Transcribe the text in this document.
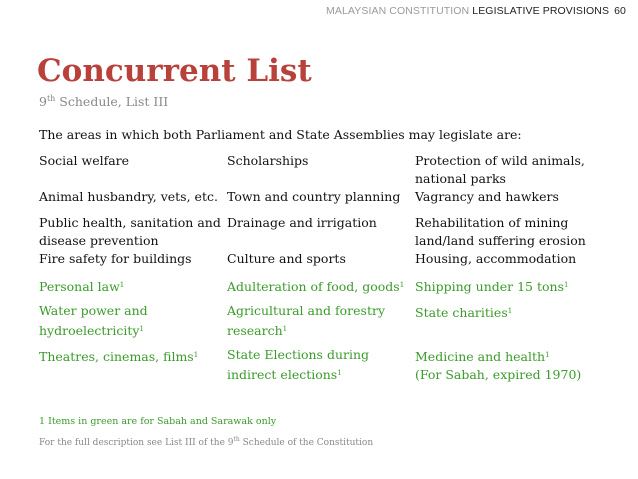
MALAYSIAN CONSTITUTION LEGISLATIVE PROVISIONS 60
Concurrent List
9th Schedule, List III
The areas in which both Parliament and State Assemblies may legislate are:
Social welfare	Scholarships	Protection of wild animals, national parks
Animal husbandry, vets, etc.	Town and country planning	Vagrancy and hawkers
Public health, sanitation and disease prevention	Drainage and irrigation	Rehabilitation of mining land/land suffering erosion
Fire safety for buildings	Culture and sports	Housing, accommodation
Personal law$^1$	Adulteration of food, goods$^1$	Shipping under 15 tons$^1$
Water power and hydroelectricity$^1$	Agricultural and forestry research$^1$	State charities$^1$
Theatres, cinemas, films$^1$	State Elections during indirect elections$^1$	Medicine and health$^1$
(For Sabah, expired 1970)
1 Items in green are for Sabah and Sarawak only
For the full description see List III of the 9th Schedule of the Constitution
